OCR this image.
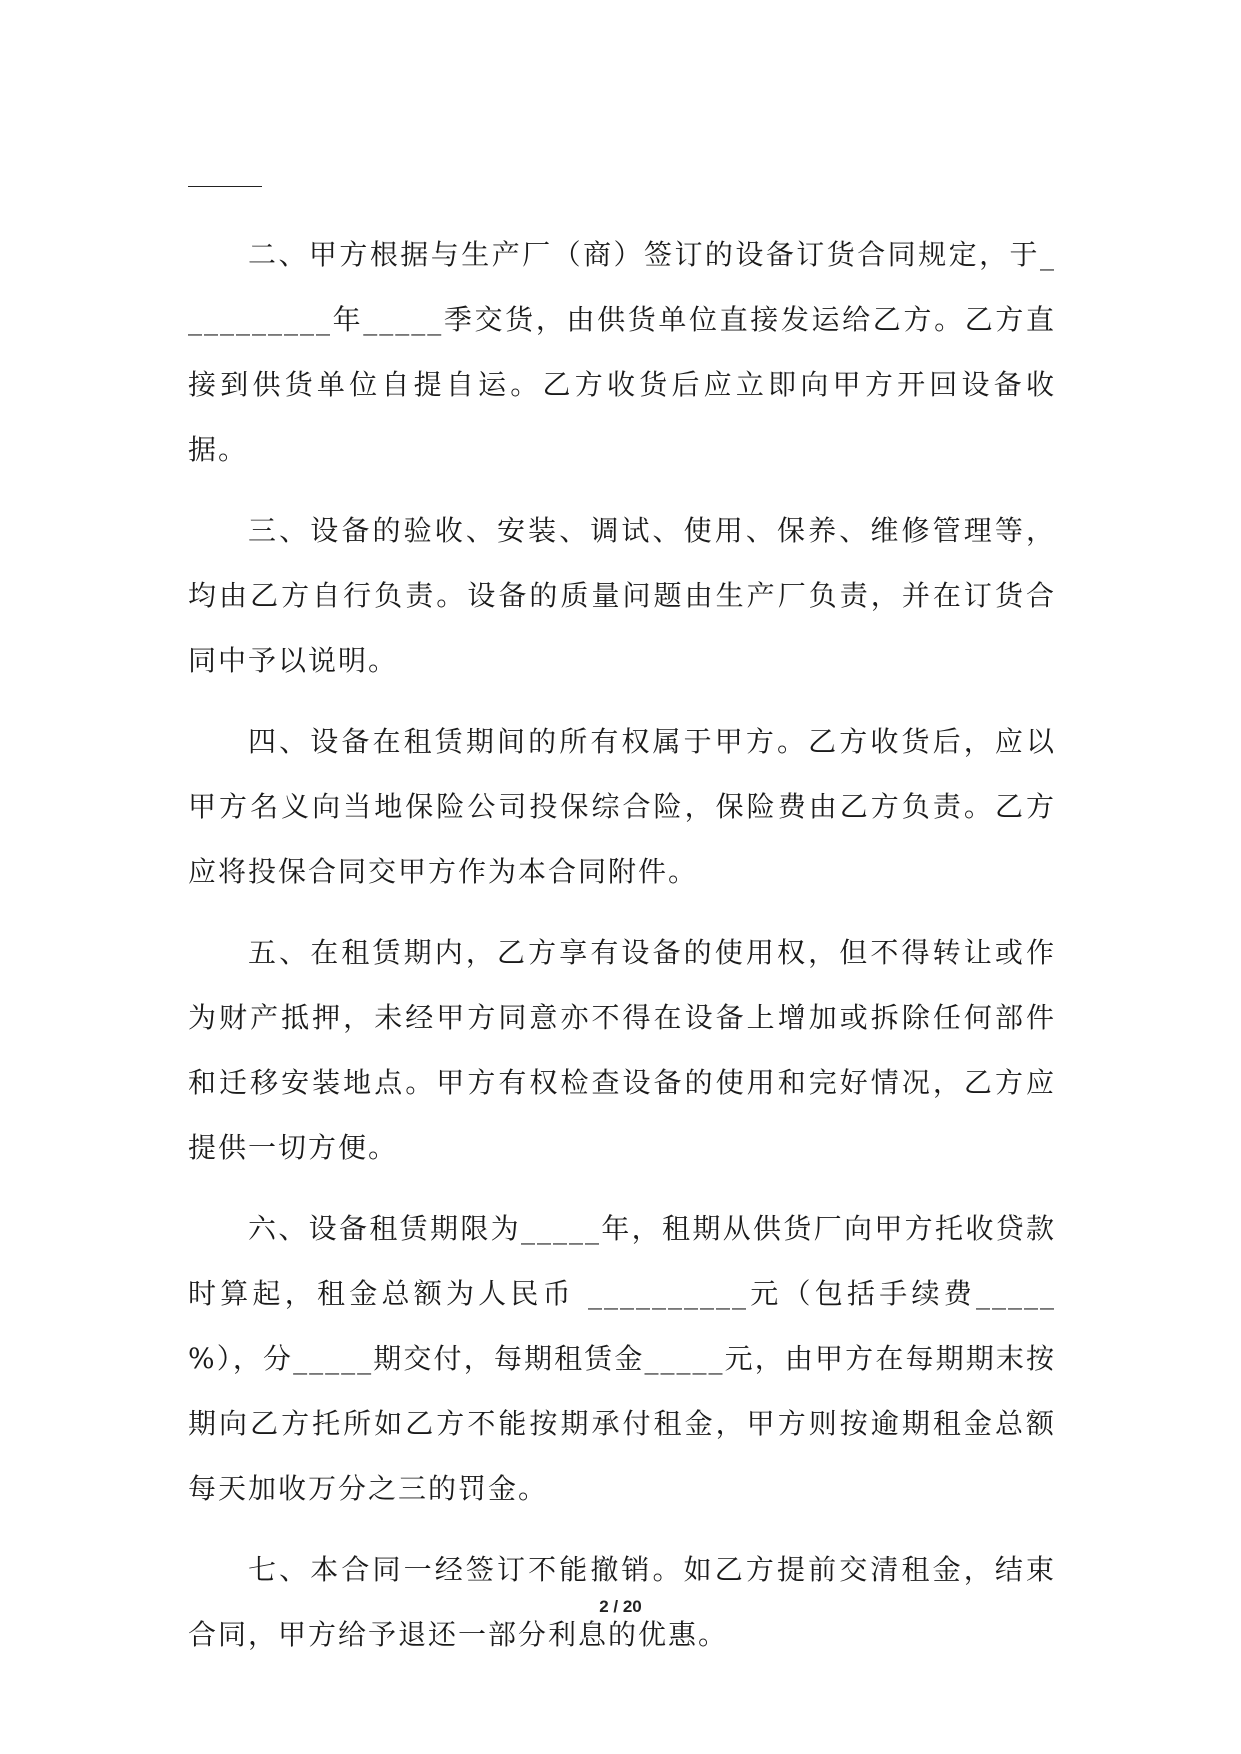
二、甲方根据与生产厂（商）签订的设备订货合同规定，于__________年_____季交货，由供货单位直接发运给乙方。乙方直接到供货单位自提自运。乙方收货后应立即向甲方开回设备收据。

三、设备的验收、安装、调试、使用、保养、维修管理等，均由乙方自行负责。设备的质量问题由生产厂负责，并在订货合同中予以说明。

四、设备在租赁期间的所有权属于甲方。乙方收货后，应以甲方名义向当地保险公司投保综合险，保险费由乙方负责。乙方应将投保合同交甲方作为本合同附件。

五、在租赁期内，乙方享有设备的使用权，但不得转让或作为财产抵押，未经甲方同意亦不得在设备上增加或拆除任何部件和迁移安装地点。甲方有权检查设备的使用和完好情况，乙方应提供一切方便。

六、设备租赁期限为_____年，租期从供货厂向甲方托收贷款时算起，租金总额为人民币 __________元（包括手续费_____ %），分_____期交付，每期租赁金_____元，由甲方在每期期末按期向乙方托所如乙方不能按期承付租金，甲方则按逾期租金总额每天加收万分之三的罚金。

七、本合同一经签订不能撤销。如乙方提前交清租金，结束合同，甲方给予退还一部分利息的优惠。

2 / 20
